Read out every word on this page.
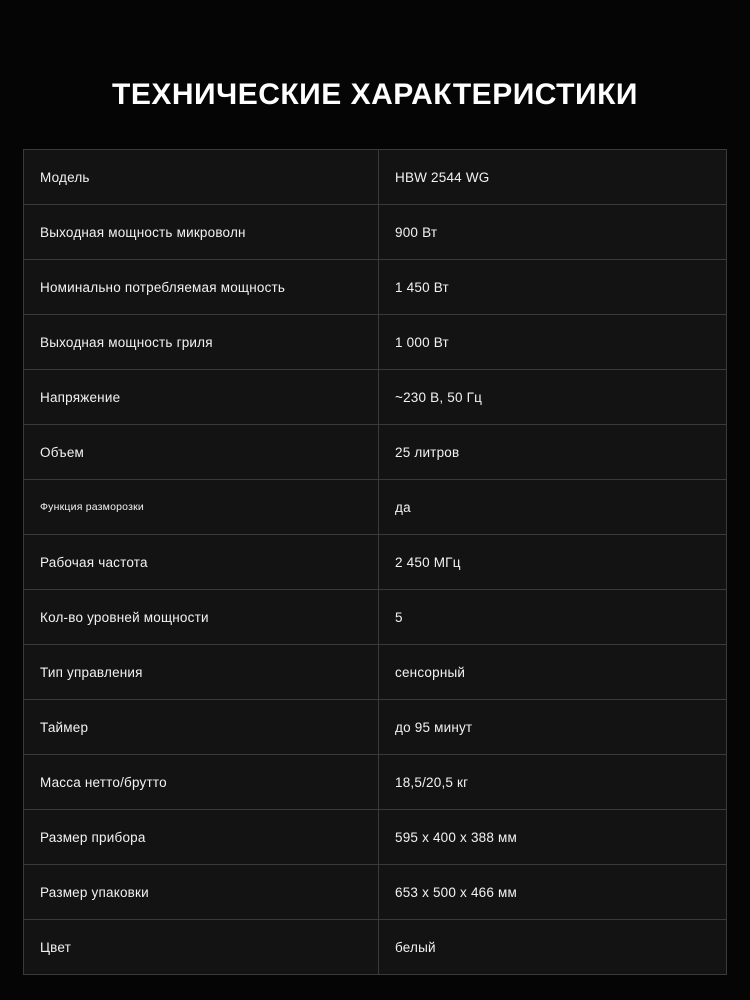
ТЕХНИЧЕСКИЕ ХАРАКТЕРИСТИКИ
Модель	HBW 2544 WG
Выходная мощность микроволн	900 Вт
Номинально потребляемая мощность	1 450 Вт
Выходная мощность гриля	1 000 Вт
Напряжение	~230 В, 50 Гц
Объем	25 литров
Функция разморозки	да
Рабочая частота	2 450 МГц
Кол-во уровней мощности	5
Тип управления	сенсорный
Таймер	до 95 минут
Масса нетто/брутто	18,5/20,5 кг
Размер прибора	595 x 400 x 388 мм
Размер упаковки	653 x 500 x 466 мм
Цвет	белый
